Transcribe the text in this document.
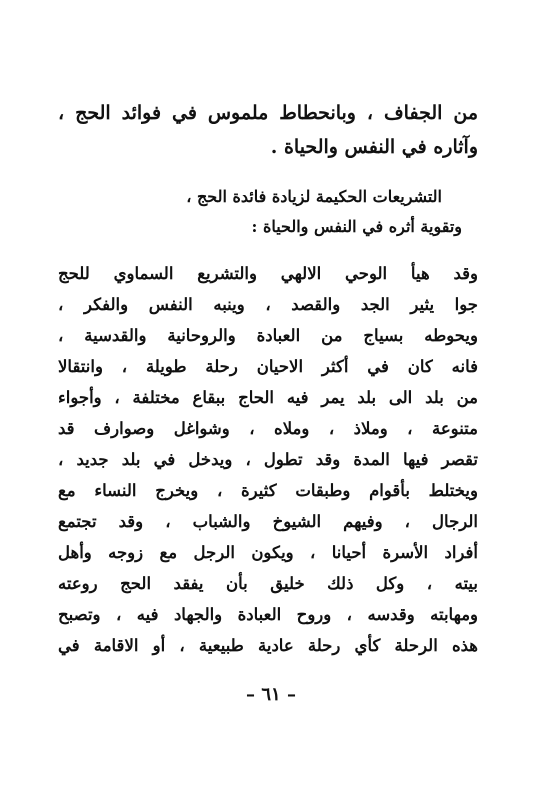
من الجفاف ، وبانحطاط ملموس في فوائد الحج ،
وآثاره في النفس والحياة .
التشريعات الحكيمة لزيادة فائدة الحج ،
وتقوية أثره في النفس والحياة :
وقد هيأ الوحي الالهي والتشريع السماوي للحج
جوا يثير الجد والقصد ، وينبه النفس والفكر ،
ويحوطه بسياج من العبادة والروحانية والقدسية ،
فانه كان في أكثر الاحيان رحلة طويلة ، وانتقالا
من بلد الى بلد يمر فيه الحاج ببقاع مختلفة ، وأجواء
متنوعة ، وملاذ ، وملاه ، وشواغل وصوارف قد
تقصر فيها المدة وقد تطول ، ويدخل في بلد جديد ،
ويختلط بأقوام وطبقات كثيرة ، ويخرج النساء مع
الرجال ، وفيهم الشيوخ والشباب ، وقد تجتمع
أفراد الأسرة أحيانا ، ويكون الرجل مع زوجه وأهل
بيته ، وكل ذلك خليق بأن يفقد الحج روعته
ومهابته وقدسه ، وروح العبادة والجهاد فيه ، وتصبح
هذه الرحلة كأي رحلة عادية طبيعية ، أو الاقامة في
– ٦١ –
